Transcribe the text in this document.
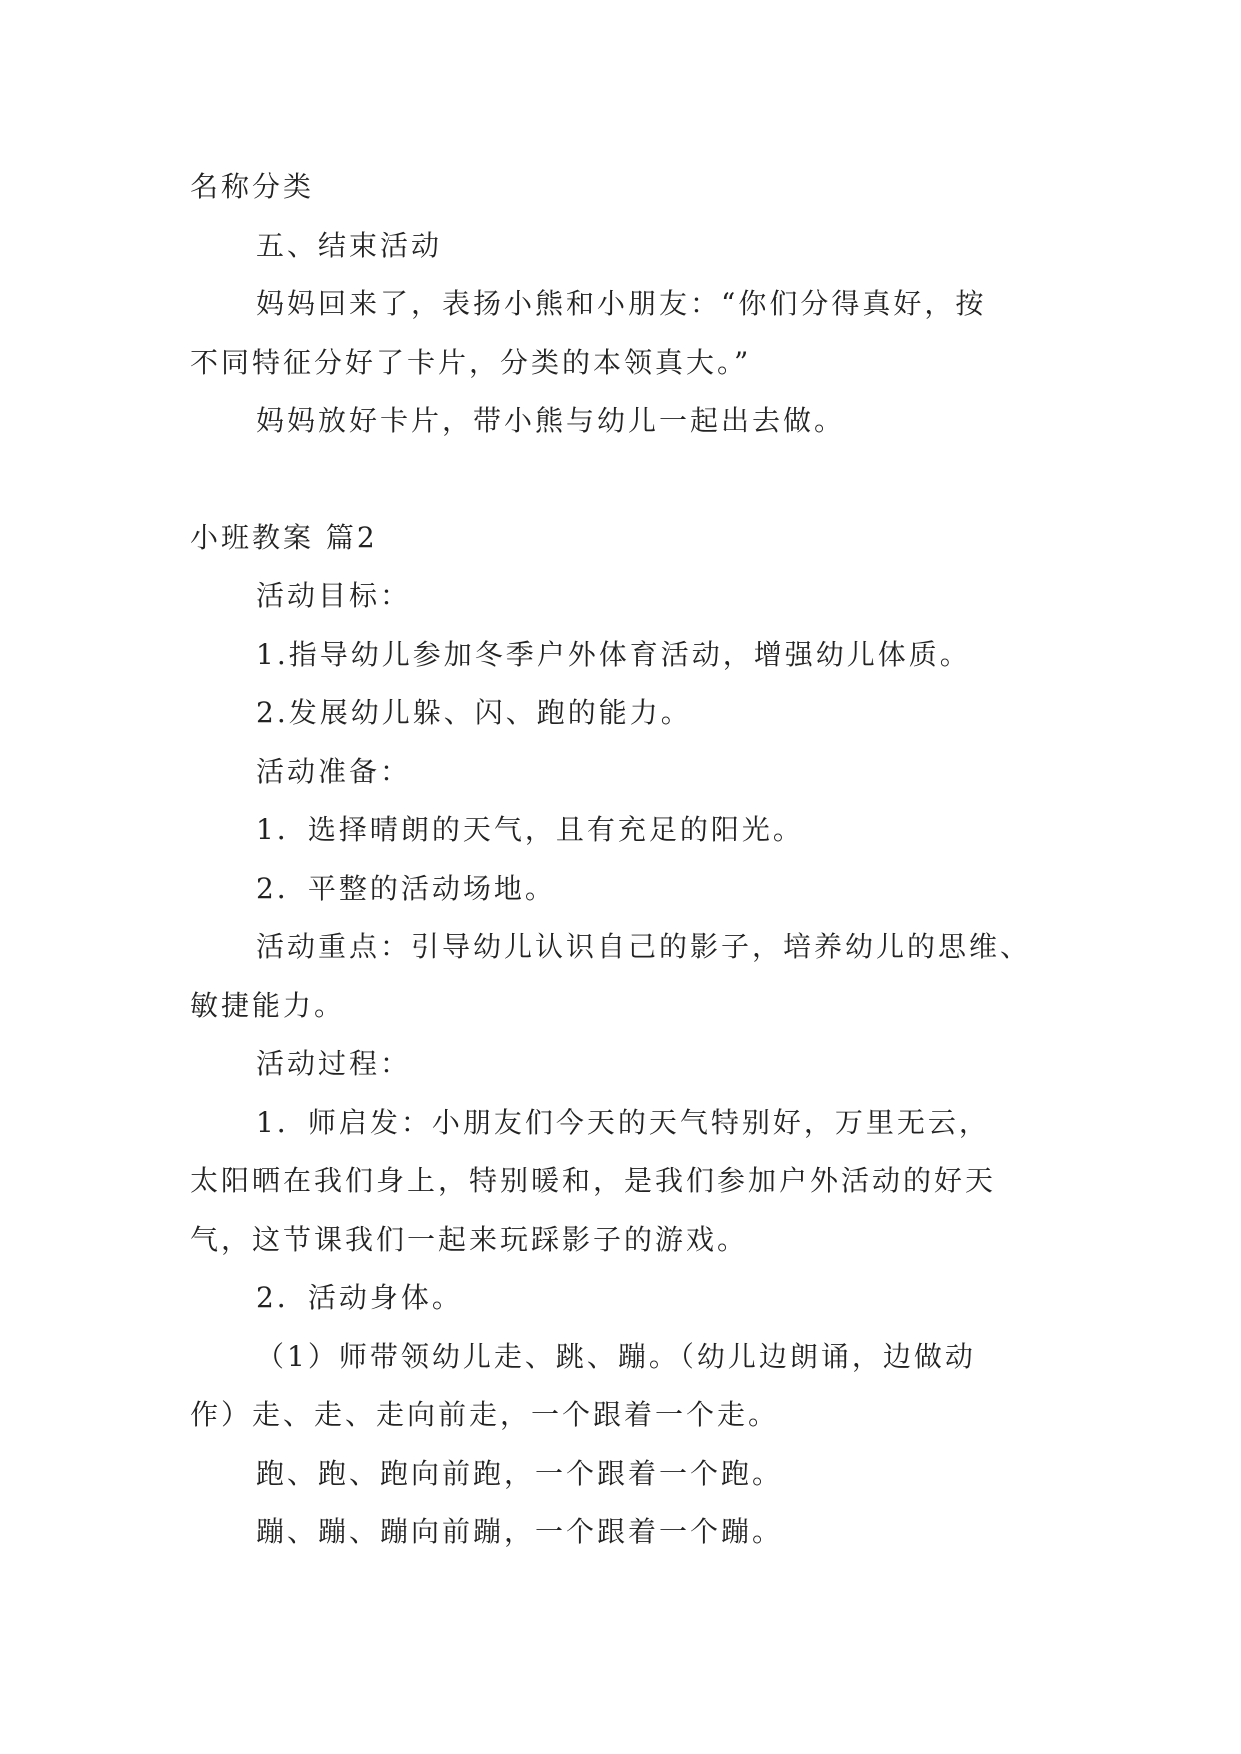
名称分类

五、结束活动

妈妈回来了，表扬小熊和小朋友：“你们分得真好，按

不同特征分好了卡片，分类的本领真大。”

妈妈放好卡片，带小熊与幼儿一起出去做。

小班教案 篇2

活动目标：

1.指导幼儿参加冬季户外体育活动，增强幼儿体质。

2.发展幼儿躲、闪、跑的能力。

活动准备：

1．选择晴朗的天气，且有充足的阳光。

2．平整的活动场地。

活动重点：引导幼儿认识自己的影子，培养幼儿的思维、

敏捷能力。

活动过程：

1．师启发：小朋友们今天的天气特别好，万里无云，

太阳晒在我们身上，特别暖和，是我们参加户外活动的好天

气，这节课我们一起来玩踩影子的游戏。

2．活动身体。

（1）师带领幼儿走、跳、蹦。（幼儿边朗诵，边做动

作）走、走、走向前走，一个跟着一个走。

跑、跑、跑向前跑，一个跟着一个跑。

蹦、蹦、蹦向前蹦，一个跟着一个蹦。
